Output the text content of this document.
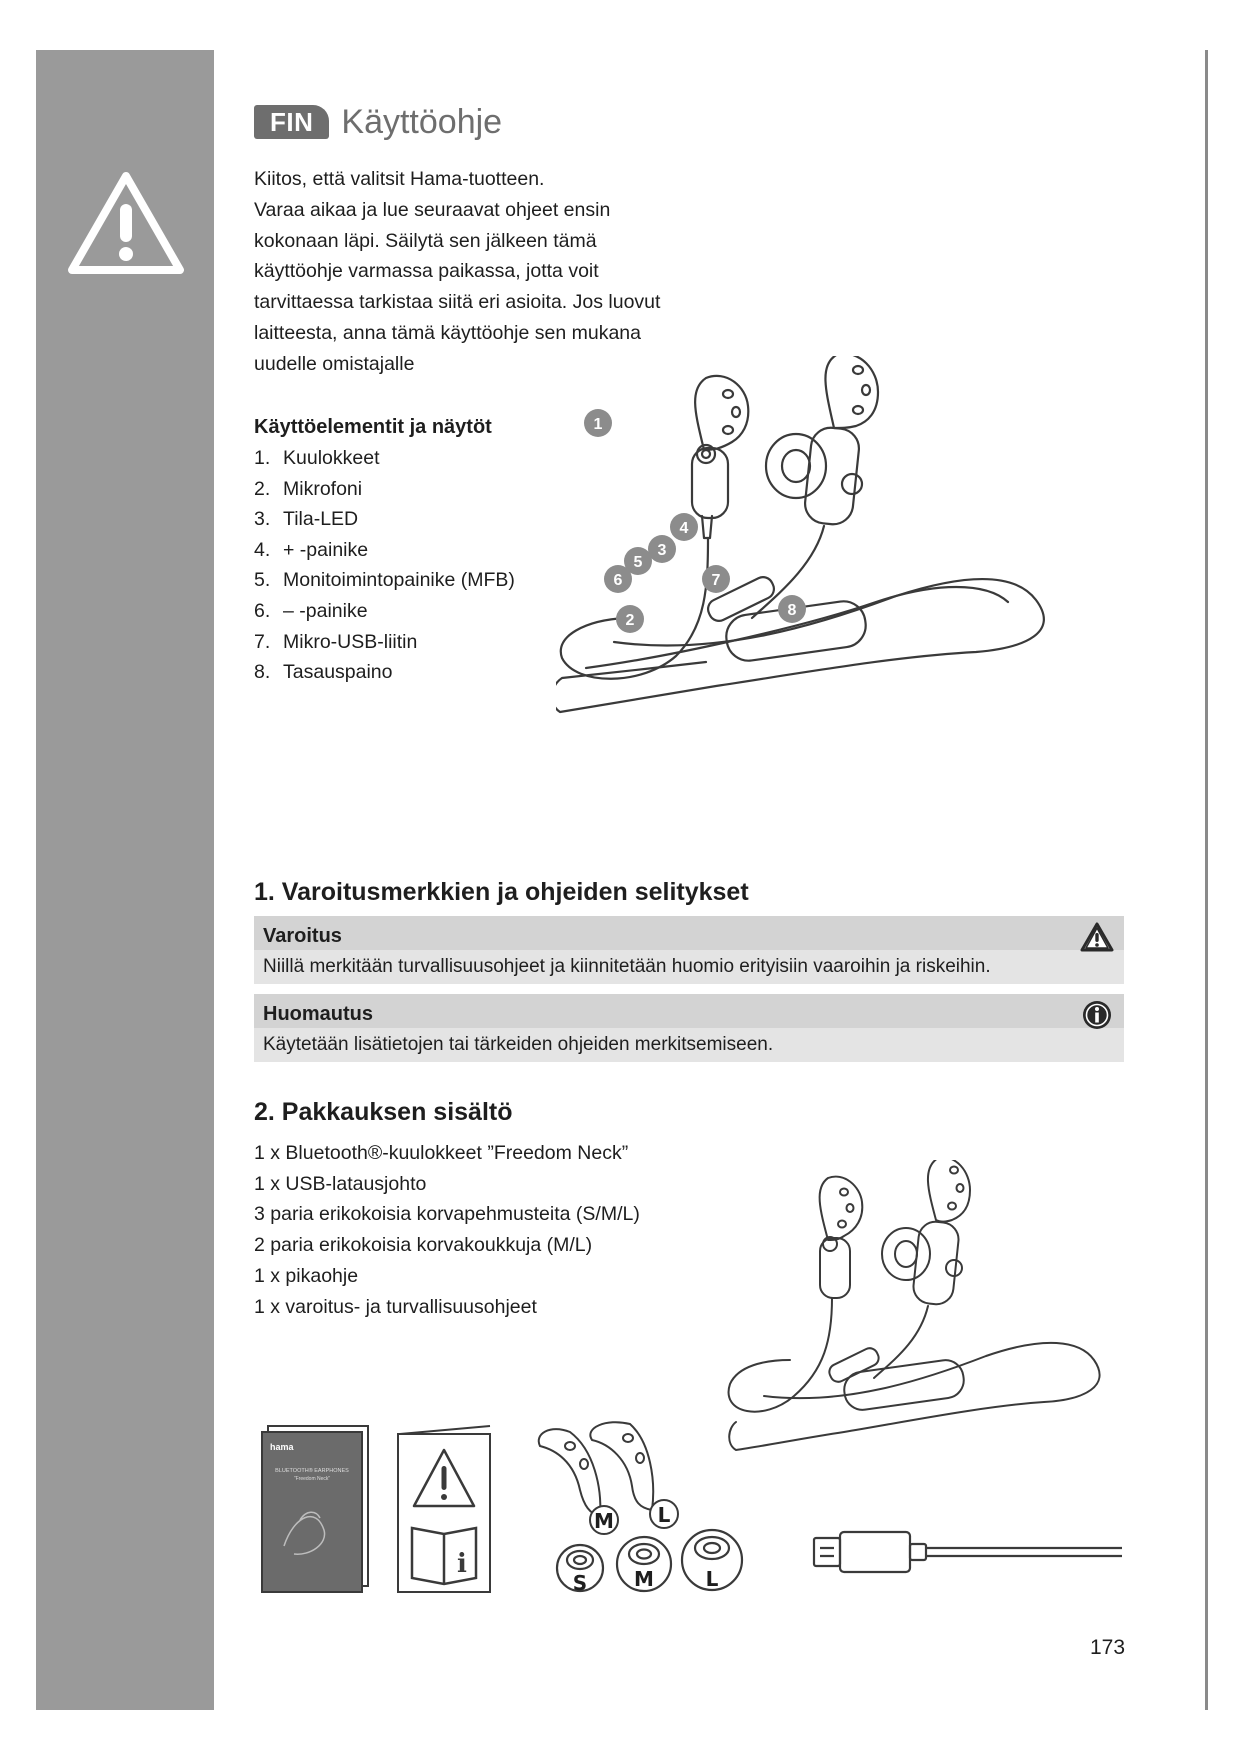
FIN Käyttöohje

Kiitos, että valitsit Hama-tuotteen.
Varaa aikaa ja lue seuraavat ohjeet ensin
kokonaan läpi. Säilytä sen jälkeen tämä
käyttöohje varmassa paikassa, jotta voit
tarvittaessa tarkistaa siitä eri asioita. Jos luovut
laitteesta, anna tämä käyttöohje sen mukana
uudelle omistajalle

Käyttöelementit ja näytöt
1. Kuulokkeet
2. Mikrofoni
3. Tila-LED
4. + -painike
5. Monitoimintopainike (MFB)
6. – -painike
7. Mikro-USB-liitin
8. Tasauspaino
1
2
3
4
5
6	7
8
1. Varoitusmerkkien ja ohjeiden selitykset
Varoitus
Niillä merkitään turvallisuusohjeet ja kiinnitetään huomio erityisiin vaaroihin ja riskeihin.
Huomautus
Käytetään lisätietojen tai tärkeiden ohjeiden merkitsemiseen.
2. Pakkauksen sisältö
1 x Bluetooth®-kuulokkeet ”Freedom Neck”
1 x USB-latausjohto
3 paria erikokoisia korvapehmusteita (S/M/L)
2 paria erikokoisia korvakoukkuja (M/L)
1 x pikaohje
1 x varoitus- ja turvallisuusohjeet
hama
BLUETOOTH® EARPHONES
"Freedom Neck"
i
M L
S M	L
173
